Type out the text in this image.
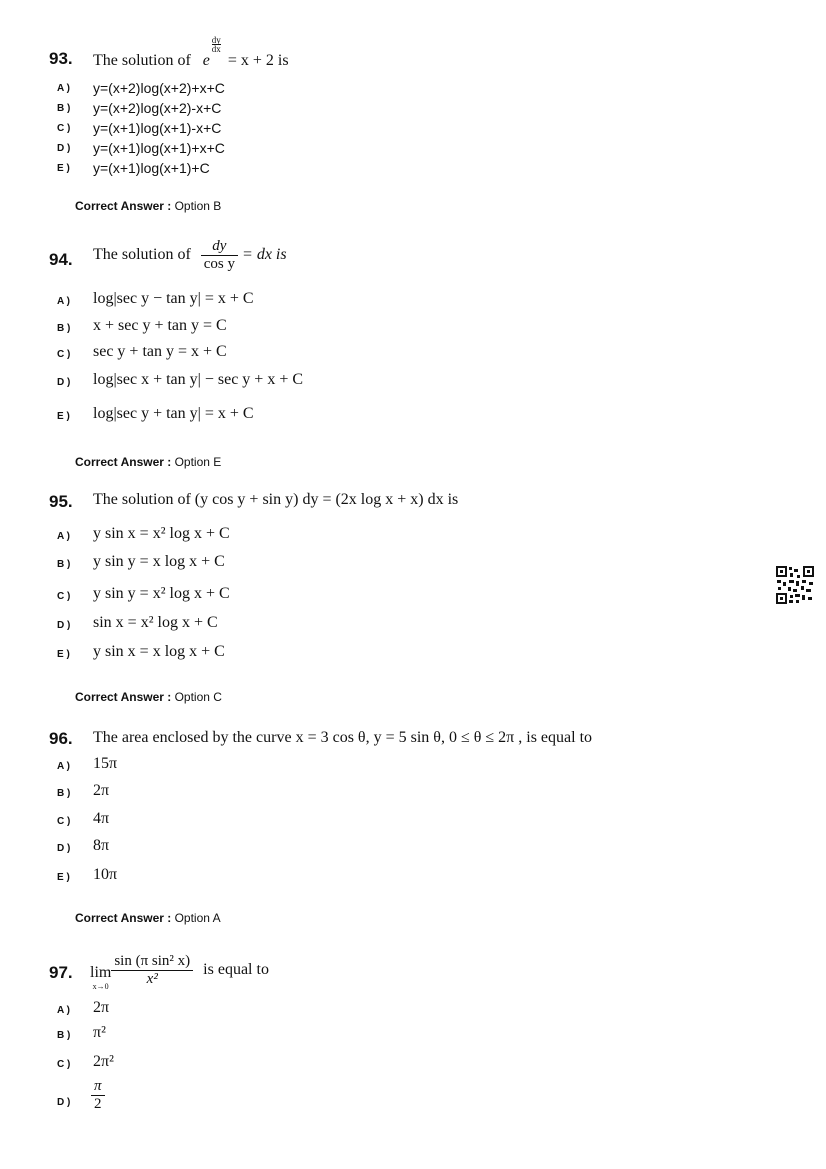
93. The solution of e
dy
dx
= x + 2 is
A )	y=(x+2)log(x+2)+x+C
B )	y=(x+2)log(x+2)-x+C
C )	y=(x+1)log(x+1)-x+C
D )	y=(x+1)log(x+1)+x+C
E )	y=(x+1)log(x+1)+C
Correct Answer : Option B
94. The solution of $\frac{dy}{\text{cos y}}$ = dx is
A )	log|sec y − tan y| = x + C
B )	x + sec y + tan y = C
C )	sec y + tan y = x + C
D )	log|sec x + tan y| − sec y + x + C
E )	log|sec y + tan y| = x + C
Correct Answer : Option E
95. The solution of (y cos y + sin y) dy = (2x log x + x) dx is
A )	y sin x = x² log x + C
B )	y sin y = x log x + C
C )	y sin y = x² log x + C
D )	sin x = x² log x + C
E )	y sin x = x log x + C
Correct Answer : Option C
96. The area enclosed by the curve x = 3 cos θ, y = 5 sin θ, 0 ≤ θ ≤ 2π , is equal to
A )	15π
B )	2π
C )	4π
D )	8π
E )	10π
Correct Answer : Option A
97. lim
$x\to 0 \frac{\text{sin (π sin² x)}}{\text{x²}}$ is equal to
A )	2π
B )	π²
C )	2π²
D )	$\frac{\pi}{2}$
